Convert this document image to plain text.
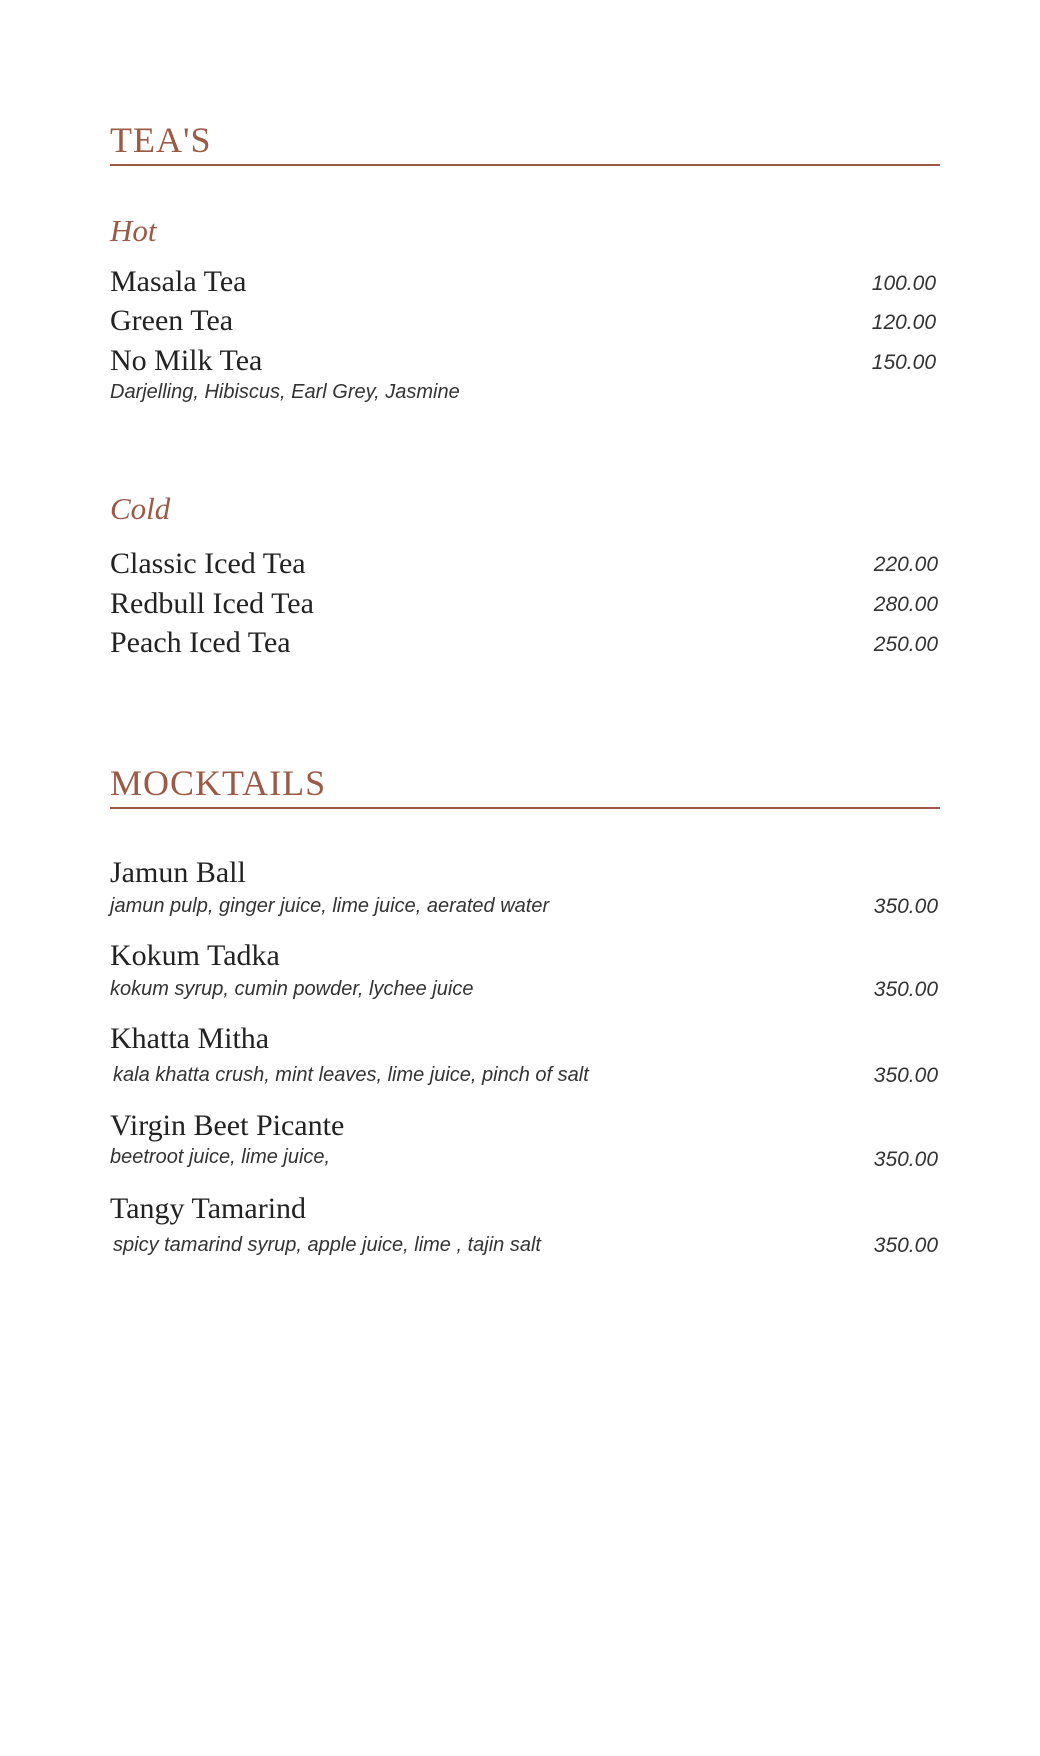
TEA'S
Hot
Masala Tea	100.00
Green Tea	120.00
No Milk Tea	150.00
Darjelling, Hibiscus, Earl Grey, Jasmine
Cold
Classic Iced Tea	220.00
Redbull Iced Tea	280.00
Peach Iced Tea	250.00
MOCKTAILS
Jamun Ball
jamun pulp, ginger juice, lime juice, aerated water	350.00
Kokum Tadka
kokum syrup, cumin powder, lychee juice	350.00
Khatta Mitha
kala khatta crush, mint leaves, lime juice, pinch of salt	350.00
Virgin Beet Picante
beetroot juice, lime juice,	350.00
Tangy Tamarind
spicy tamarind syrup, apple juice, lime , tajin salt	350.00
